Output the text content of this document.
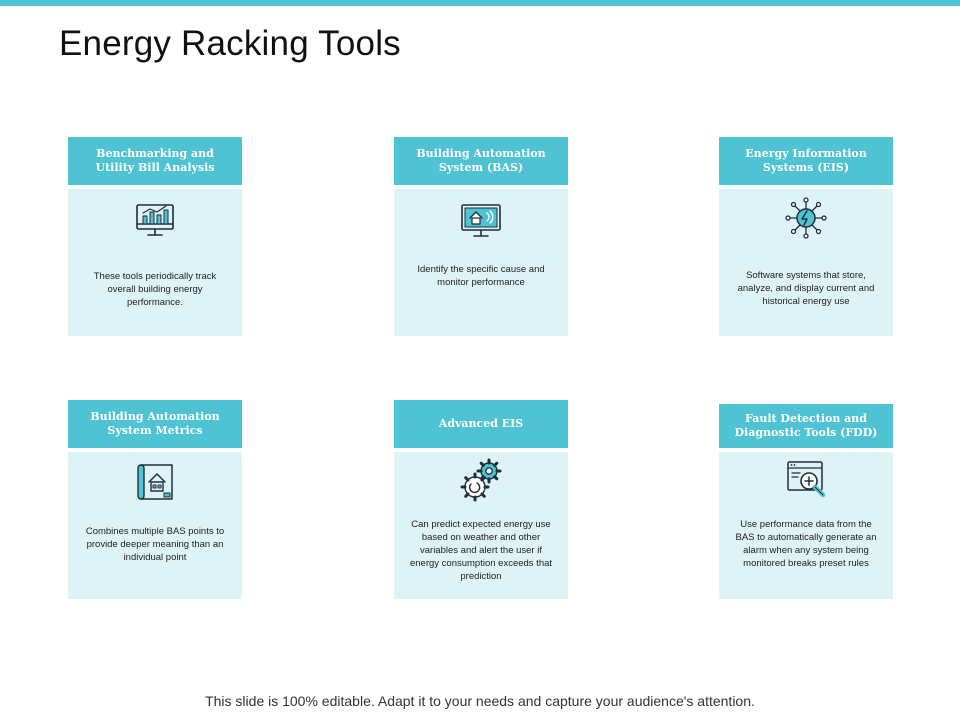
Energy Racking Tools
Benchmarking and Utility Bill Analysis
These tools periodically track overall building energy performance.
Building Automation System (BAS)
Identify the specific cause and monitor performance
Energy Information Systems (EIS)
Software systems that store, analyze, and display current and historical energy use
Building Automation System Metrics
Combines multiple BAS points to provide deeper meaning than an individual point
Advanced EIS
Can predict expected energy use based on weather and other variables and alert the user if energy consumption exceeds that prediction
Fault Detection and Diagnostic Tools (FDD)
Use performance data from the BAS to automatically generate an alarm when any system being monitored breaks preset rules
This slide is 100% editable. Adapt it to your needs and capture your audience's attention.
